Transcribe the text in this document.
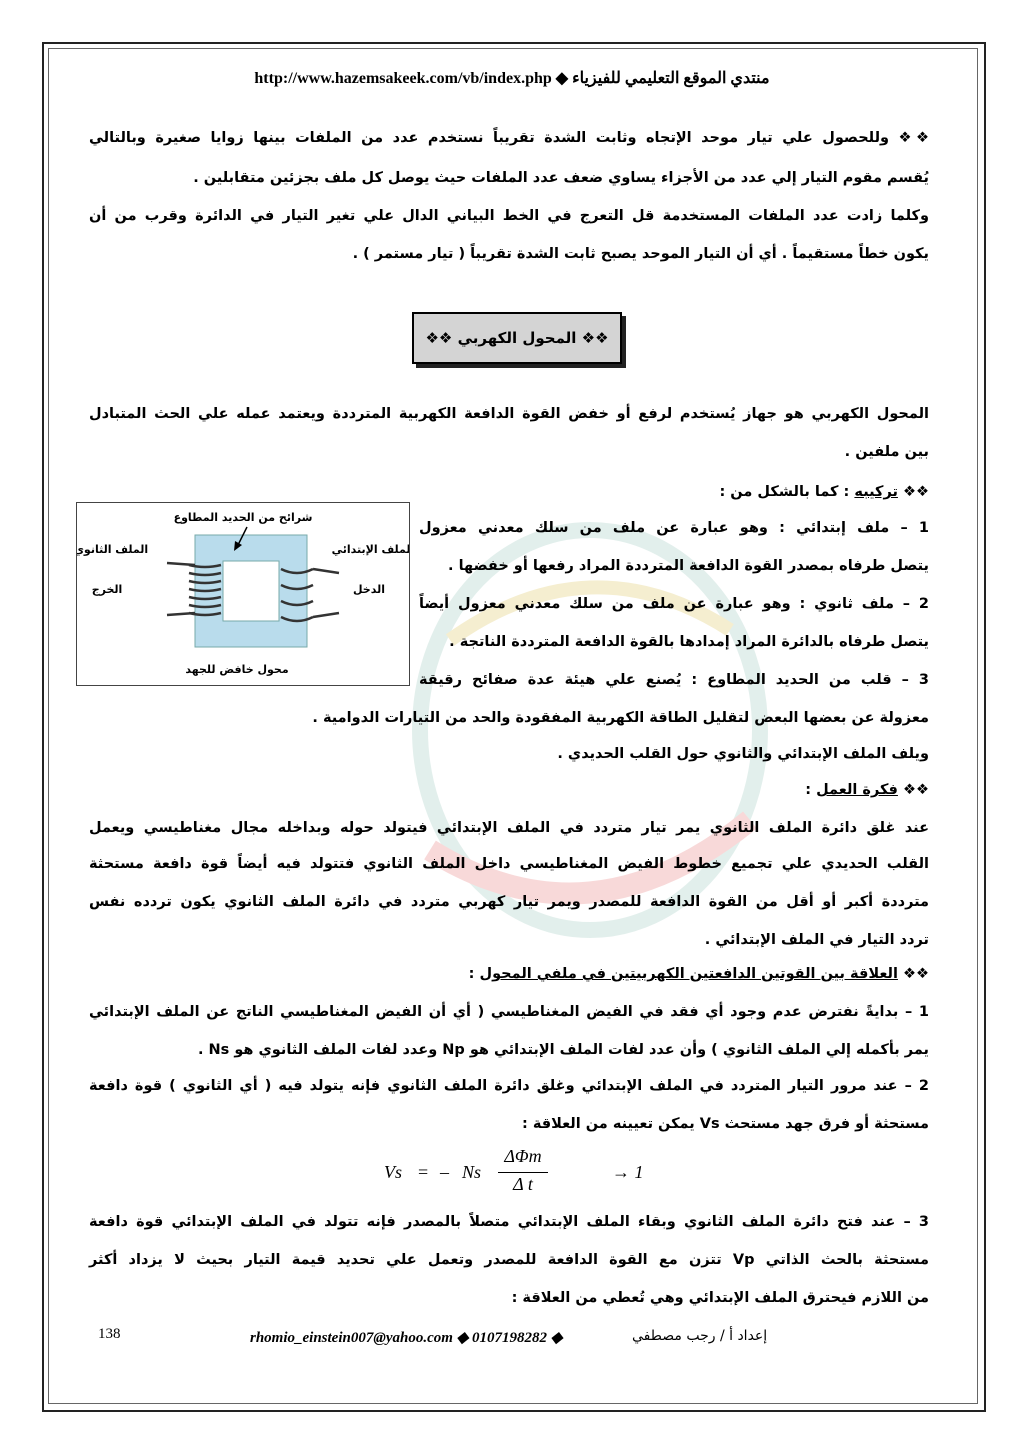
http://www.hazemsakeek.com/vb/index.php ◆ منتدي الموقع التعليمي للفيزياء
❖❖ وللحصول علي تيار موحد الإتجاه وثابت الشدة تقريباً نستخدم عدد من الملفات بينها زوايا صغيرة وبالتالي
يُقسم مقوم التيار إلي عدد من الأجزاء يساوي ضعف عدد الملفات حيث يوصل كل ملف بجزئين متقابلين .
وكلما زادت عدد الملفات المستخدمة قل التعرج في الخط البياني الدال علي تغير التيار في الدائرة وقرب من أن
يكون خطاً مستقيماً . أي أن التيار الموحد يصبح ثابت الشدة تقريباً ( تيار مستمر ) .
❖❖ المحول الكهربي ❖❖
المحول الكهربي هو جهاز يُستخدم لرفع أو خفض القوة الدافعة الكهربية المترددة ويعتمد عمله علي الحث المتبادل
بين ملفين .
❖❖ تركيبه : كما بالشكل من :
1 – ملف إبتدائي : وهو عبارة عن ملف من سلك معدني معزول
يتصل طرفاه بمصدر القوة الدافعة المترددة المراد رفعها أو خفضها .
2 – ملف ثانوي : وهو عبارة عن ملف من سلك معدني معزول أيضاً
يتصل طرفاه بالدائرة المراد إمدادها بالقوة الدافعة المترددة الناتجة .
3 – قلب من الحديد المطاوع : يُصنع علي هيئة عدة صفائح رقيقة
معزولة عن بعضها البعض لتقليل الطاقة الكهربية المفقودة والحد من التيارات الدوامية .
ويلف الملف الإبتدائي والثانوي حول القلب الحديدي .
شرائح من الحديد المطاوع
الملف الإبتدائي
الملف الثانوي
الدخل
الخرج
محول خافض للجهد
❖❖ فكرة العمل :
عند غلق دائرة الملف الثانوي يمر تيار متردد في الملف الإبتدائي فيتولد حوله وبداخله مجال مغناطيسي ويعمل
القلب الحديدي علي تجميع خطوط الفيض المغناطيسي داخل الملف الثانوي فتتولد فيه أيضاً قوة دافعة مستحثة
مترددة أكبر أو أقل من القوة الدافعة للمصدر ويمر تيار كهربي متردد في دائرة الملف الثانوي يكون تردده نفس
تردد التيار في الملف الإبتدائي .
❖❖ العلاقة بين القوتين الدافعتين الكهربيتين في ملفي المحول :
1 – بدايةً نفترض عدم وجود أي فقد في الفيض المغناطيسي ( أي أن الفيض المغناطيسي الناتج عن الملف الإبتدائي
يمر بأكمله إلي الملف الثانوي ) وأن عدد لفات الملف الإبتدائي هو Np وعدد لفات الملف الثانوي هو Ns .
2 – عند مرور التيار المتردد في الملف الإبتدائي وغلق دائرة الملف الثانوي فإنه يتولد فيه ( أي الثانوي ) قوة دافعة
مستحثة أو فرق جهد مستحث Vs يمكن تعيينه من العلاقة :
Vs = – Ns
ΔΦm
Δ t
→ 1
3 – عند فتح دائرة الملف الثانوي وبقاء الملف الإبتدائي متصلاً بالمصدر فإنه تتولد في الملف الإبتدائي قوة دافعة
مستحثة بالحث الذاتي Vp تتزن مع القوة الدافعة للمصدر وتعمل علي تحديد قيمة التيار بحيث لا يزداد أكثر
من اللازم فيحترق الملف الإبتدائي وهي تُعطي من العلاقة :
138	rhomio_einstein007@yahoo.com ◆ 0107198282 ◆	إعداد أ / رجب مصطفي
